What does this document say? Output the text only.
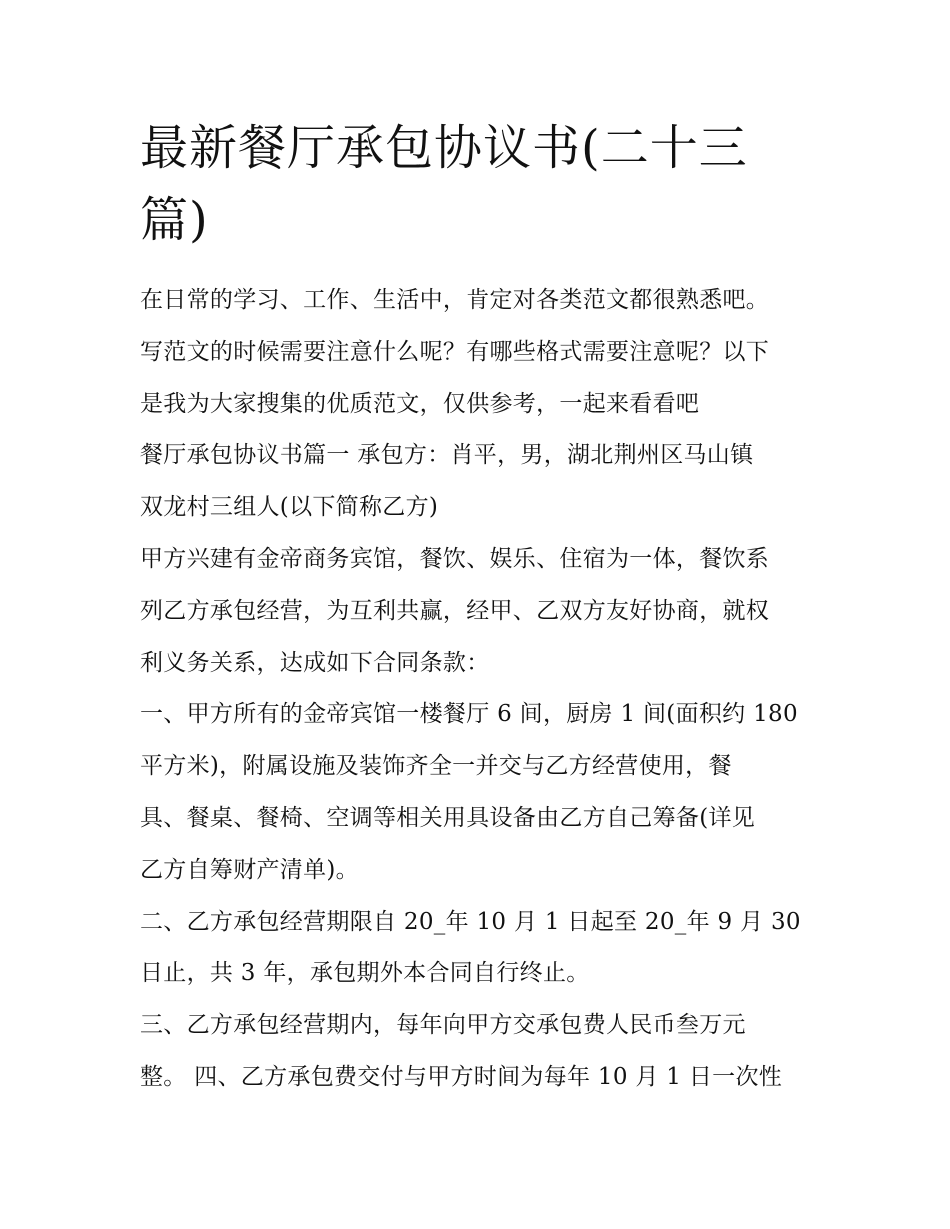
最新餐厅承包协议书(二十三
篇)
在日常的学习、工作、生活中，肯定对各类范文都很熟悉吧。
写范文的时候需要注意什么呢？有哪些格式需要注意呢？以下
是我为大家搜集的优质范文，仅供参考，一起来看看吧
餐厅承包协议书篇一 承包方：肖平，男，湖北荆州区马山镇
双龙村三组人(以下简称乙方)
甲方兴建有金帝商务宾馆，餐饮、娱乐、住宿为一体，餐饮系
列乙方承包经营，为互利共赢，经甲、乙双方友好协商，就权
利义务关系，达成如下合同条款：
一、甲方所有的金帝宾馆一楼餐厅 6 间，厨房 1 间(面积约 180
平方米)，附属设施及装饰齐全一并交与乙方经营使用，餐
具、餐桌、餐椅、空调等相关用具设备由乙方自己筹备(详见
乙方自筹财产清单)。
二、乙方承包经营期限自 20_年 10 月 1 日起至 20_年 9 月 30
日止，共 3 年，承包期外本合同自行终止。
三、乙方承包经营期内，每年向甲方交承包费人民币叁万元
整。 四、乙方承包费交付与甲方时间为每年 10 月 1 日一次性
